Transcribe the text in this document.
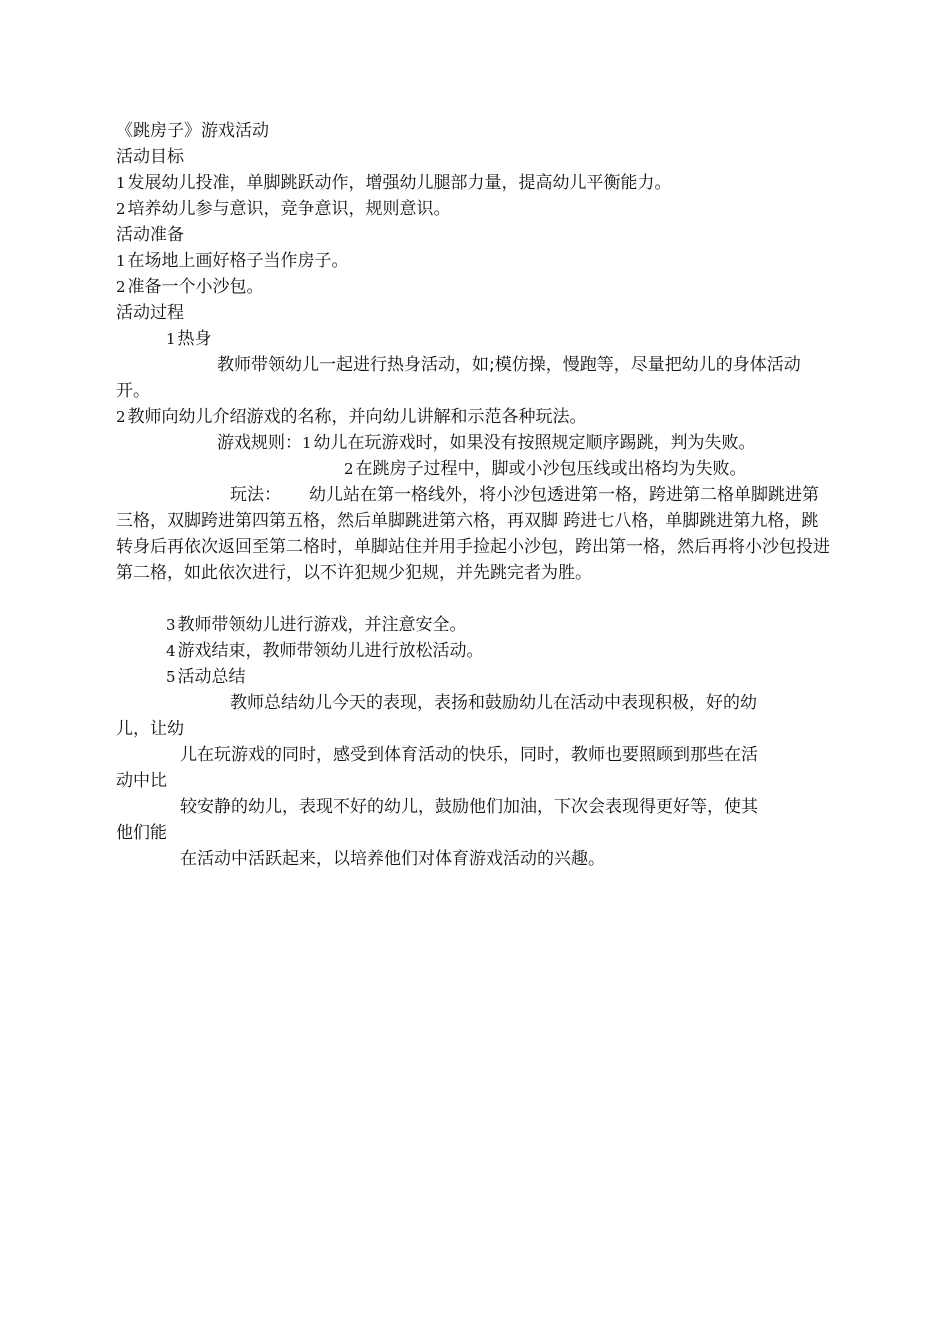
《跳房子》游戏活动
活动目标
1 发展幼儿投准，单脚跳跃动作，增强幼儿腿部力量，提高幼儿平衡能力。
2 培养幼儿参与意识，竞争意识，规则意识。
活动准备
1 在场地上画好格子当作房子。
2 准备一个小沙包。
活动过程
1 热身
教师带领幼儿一起进行热身活动，如;模仿操，慢跑等，尽量把幼儿的身体活动开。
2 教师向幼儿介绍游戏的名称，并向幼儿讲解和示范各种玩法。
游戏规则：1 幼儿在玩游戏时，如果没有按照规定顺序踢跳，判为失败。
2 在跳房子过程中，脚或小沙包压线或出格均为失败。
玩法： 幼儿站在第一格线外，将小沙包透进第一格，跨进第二格单脚跳进第三格，双脚跨进第四第五格，然后单脚跳进第六格，再双脚 跨进七八格，单脚跳进第九格，跳转身后再依次返回至第二格时，单脚站住并用手捡起小沙包，跨出第一格，然后再将小沙包投进第二格，如此依次进行，以不许犯规少犯规，并先跳完者为胜。
3 教师带领幼儿进行游戏，并注意安全。
4 游戏结束，教师带领幼儿进行放松活动。
5 活动总结
教师总结幼儿今天的表现，表扬和鼓励幼儿在活动中表现积极，好的幼
儿，让幼
儿在玩游戏的同时，感受到体育活动的快乐，同时，教师也要照顾到那些在活
动中比
较安静的幼儿，表现不好的幼儿，鼓励他们加油，下次会表现得更好等，使其
他们能
在活动中活跃起来，以培养他们对体育游戏活动的兴趣。
